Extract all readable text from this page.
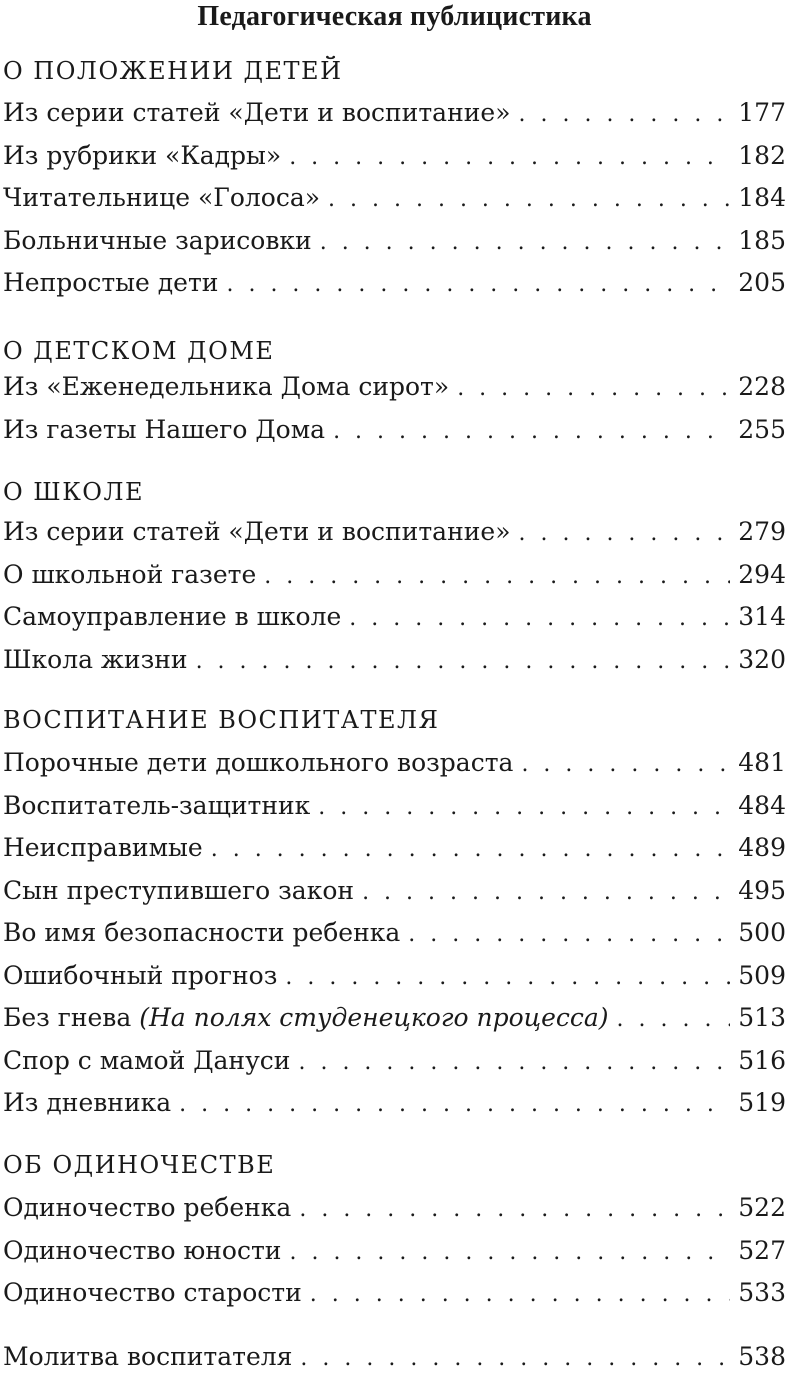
Педагогическая публицистика
О ПОЛОЖЕНИИ ДЕТЕЙ
Из серии статей «Дети и воспитание» . . .	177
Из рубрики «Кадры» . . .	182
Читательнице «Голоса» . . .	184
Больничные зарисовки . . .	185
Непростые дети . . .	205
О ДЕТСКОМ ДОМЕ
Из «Еженедельника Дома сирот» . . .	228
Из газеты Нашего Дома . . .	255
О ШКОЛЕ
Из серии статей «Дети и воспитание» . . .	279
О школьной газете . . .	294
Самоуправление в школе . . .	314
Школа жизни . . .	320
ВОСПИТАНИЕ ВОСПИТАТЕЛЯ
Порочные дети дошкольного возраста . . .	481
Воспитатель-защитник . . .	484
Неисправимые . . .	489
Сын преступившего закон . . .	495
Во имя безопасности ребенка . . .	500
Ошибочный прогноз . . .	509
Без гнева (На полях студенецкого процесса) . . .	513
Спор с мамой Дануси . . .	516
Из дневника . . .	519
ОБ ОДИНОЧЕСТВЕ
Одиночество ребенка . . .	522
Одиночество юности . . .	527
Одиночество старости . . .	533
Молитва воспитателя . . .	538
